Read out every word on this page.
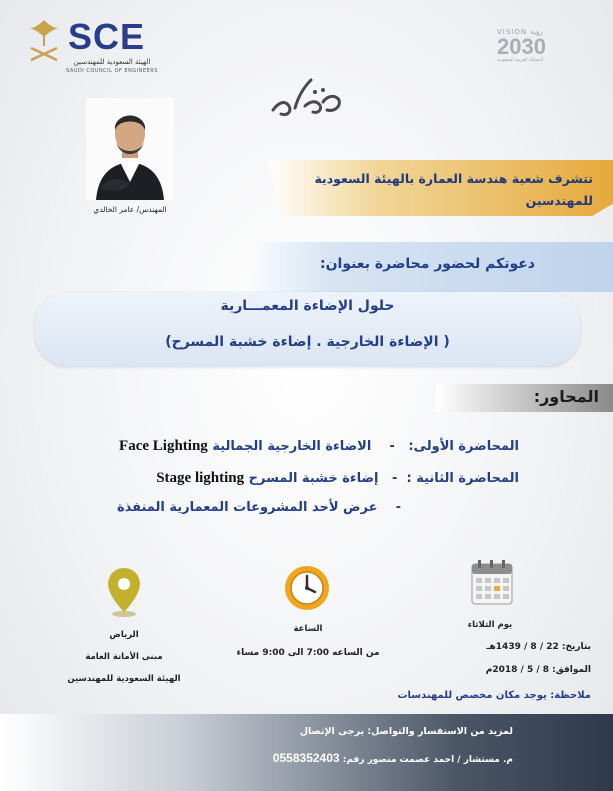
SCE
الهيئة السعودية للمهندسين
SAUDI COUNCIL OF ENGINEERS
VISION رؤية
2030
المملكة العربية السعودية
المهندس/ عامر الخالدي
تتشرف شعبة هندسة العمارة بالهيئة السعودية
للمهندسين
دعوتكم لحضور محاضرة بعنوان:
حلول الإضاءة المعمـــارية
( الإضاءة الخارجية . إضاءة خشبة المسرح)
المحاور:
المحاضرة الأولى:   -    الاضاءة الخارجية الجمالية Face Lighting
المحاضرة الثانية :  -   إضاءة خشبة المسرح Stage lighting
-    عرض لأحد المشروعات المعمارية المنفذة
يوم الثلاثاء
بتاريخ: 22 / 8 / 1439هـ
الموافق: 8 / 5 / 2018م
الساعة
من الساعه 7:00 الى 9:00 مساء
الرياض
مبنى الأمانة العامة
الهيئة السعودية للمهندسين
ملاحظة: يوجد مكان مخصص للمهندسات
لمزيد من الاستفسار والتواصل: يرجى الإتصال
م. مستشار / احمد عصمت منصور رقم: 0558352403
